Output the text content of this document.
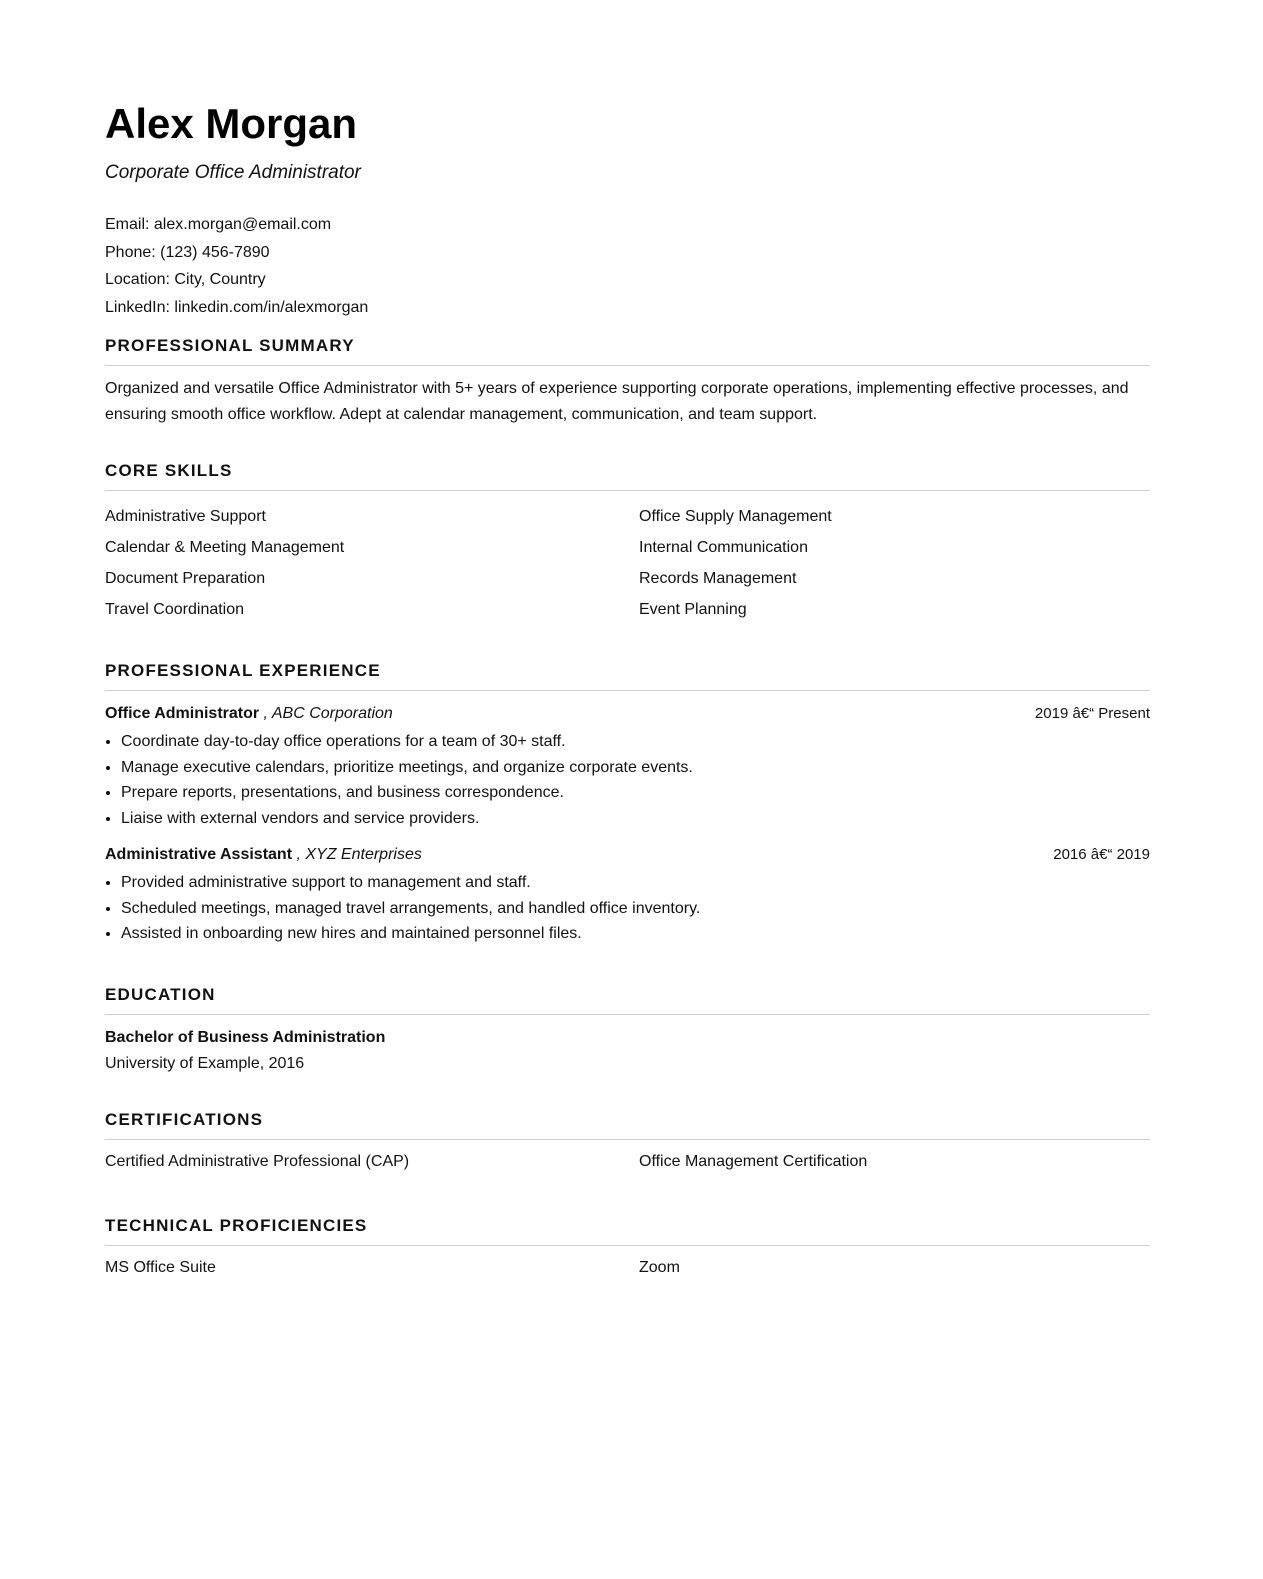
Alex Morgan
Corporate Office Administrator
Email: alex.morgan@email.com
Phone: (123) 456-7890
Location: City, Country
LinkedIn: linkedin.com/in/alexmorgan
PROFESSIONAL SUMMARY
Organized and versatile Office Administrator with 5+ years of experience supporting corporate operations, implementing effective processes, and ensuring smooth office workflow. Adept at calendar management, communication, and team support.
CORE SKILLS
Administrative Support	Office Supply Management
Calendar & Meeting Management	Internal Communication
Document Preparation	Records Management
Travel Coordination	Event Planning
PROFESSIONAL EXPERIENCE
Office Administrator , ABC Corporation	2019 â€“ Present
• Coordinate day-to-day office operations for a team of 30+ staff.
• Manage executive calendars, prioritize meetings, and organize corporate events.
• Prepare reports, presentations, and business correspondence.
• Liaise with external vendors and service providers.
Administrative Assistant , XYZ Enterprises	2016 â€“ 2019
• Provided administrative support to management and staff.
• Scheduled meetings, managed travel arrangements, and handled office inventory.
• Assisted in onboarding new hires and maintained personnel files.
EDUCATION
Bachelor of Business Administration
University of Example, 2016
CERTIFICATIONS
Certified Administrative Professional (CAP)	Office Management Certification
TECHNICAL PROFICIENCIES
MS Office Suite	Zoom
